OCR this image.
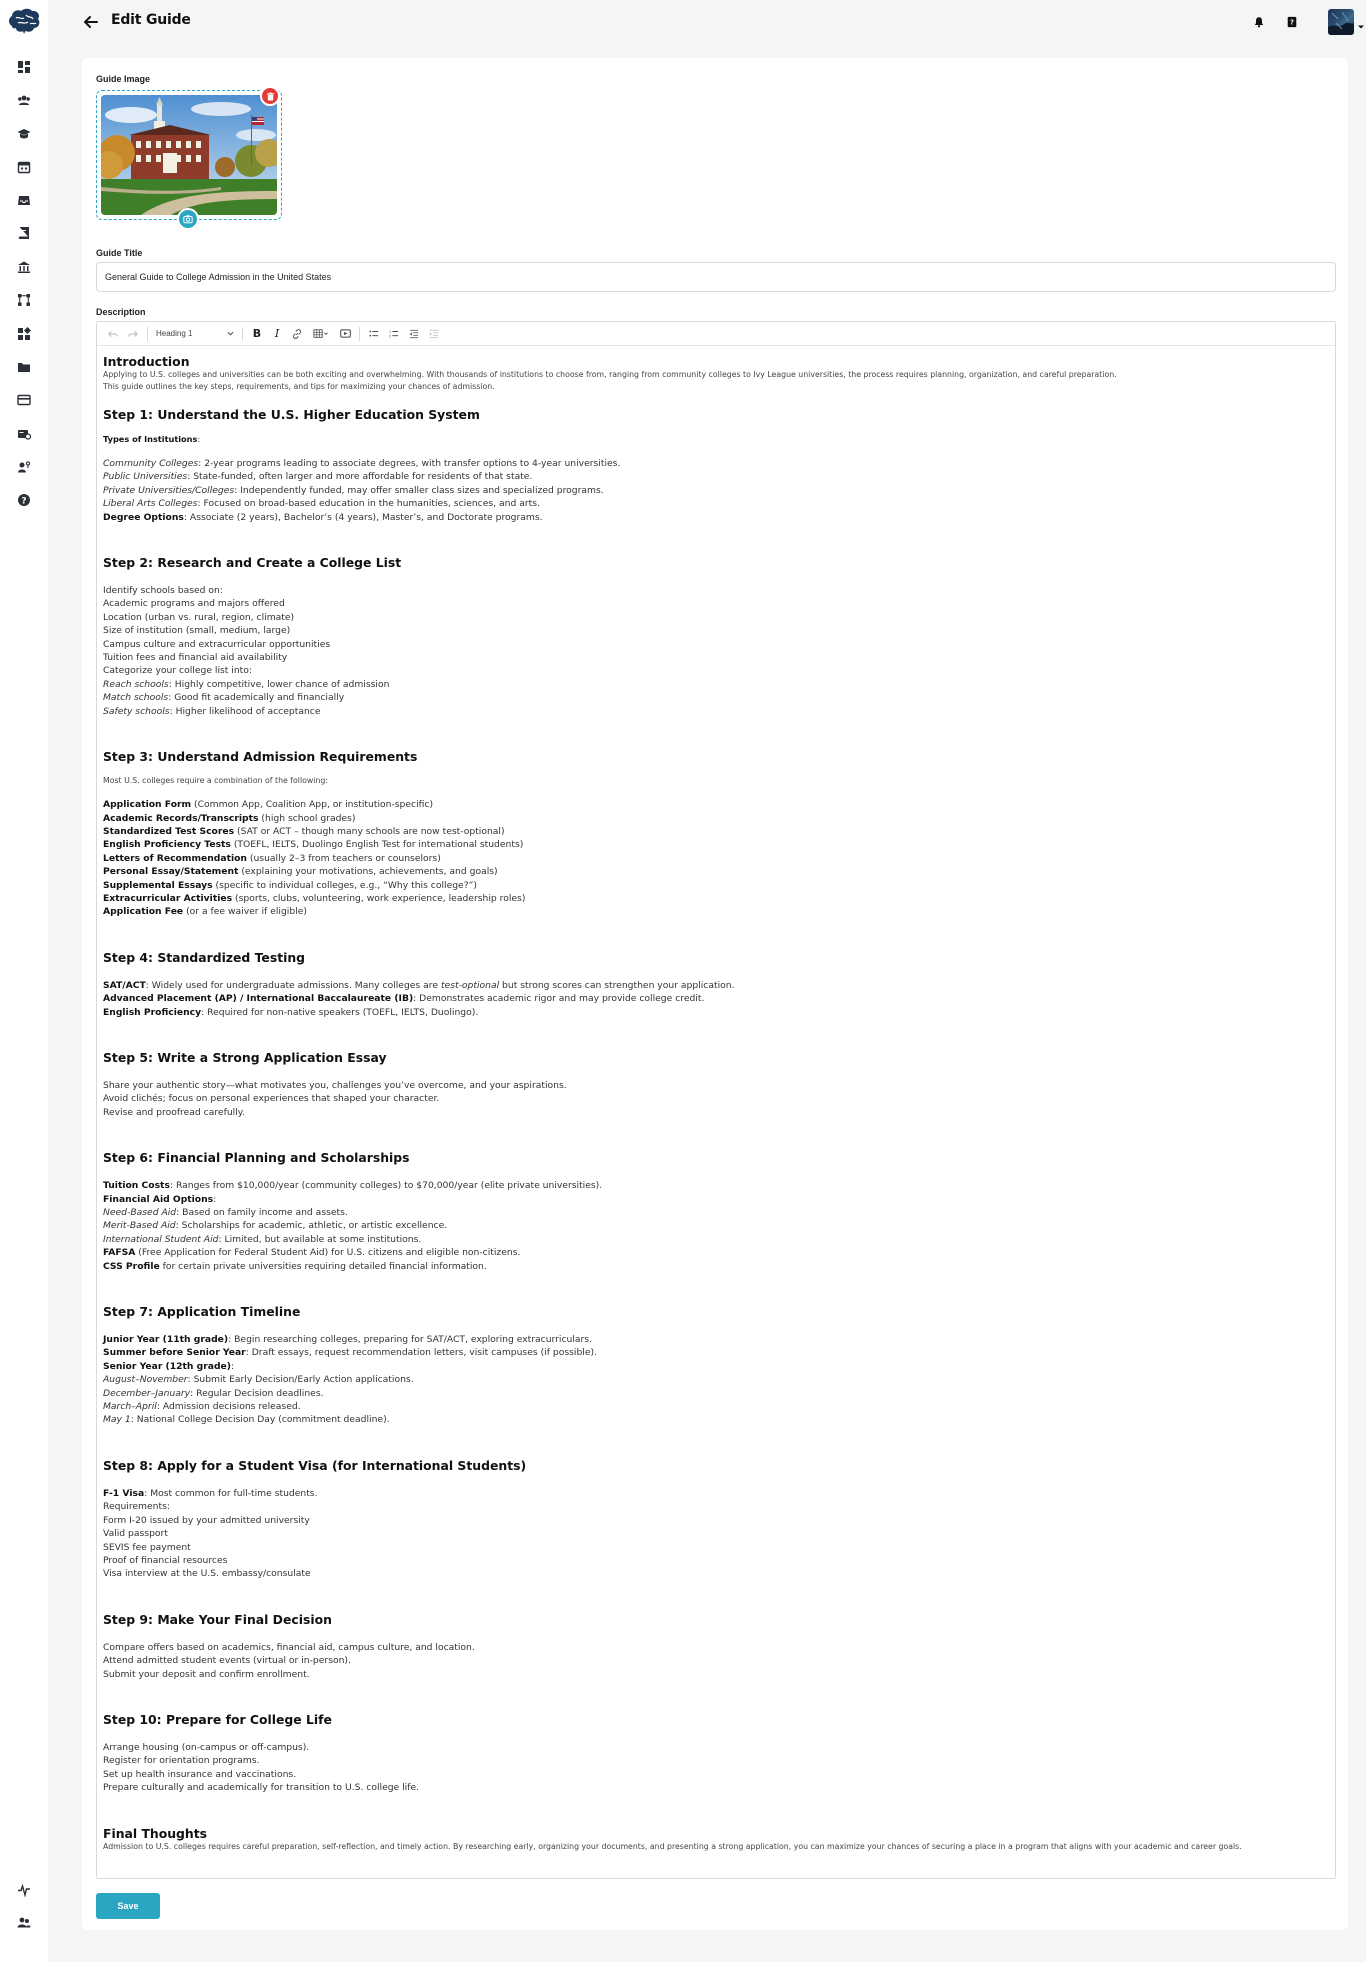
?
Edit Guide	?
Guide Image
Guide Title
General Guide to College Admission in the United States
Description
Heading 1	B I	1
2
Introduction

Applying to U.S. colleges and universities can be both exciting and overwhelming. With thousands of institutions to choose from, ranging from community colleges to Ivy League universities, the process requires planning, organization, and careful preparation.
This guide outlines the key steps, requirements, and tips for maximizing your chances of admission.

Step 1: Understand the U.S. Higher Education System

Types of Institutions:

Community Colleges: 2-year programs leading to associate degrees, with transfer options to 4-year universities.
Public Universities: State-funded, often larger and more affordable for residents of that state.
Private Universities/Colleges: Independently funded, may offer smaller class sizes and specialized programs.
Liberal Arts Colleges: Focused on broad-based education in the humanities, sciences, and arts.
Degree Options: Associate (2 years), Bachelor’s (4 years), Master’s, and Doctorate programs.
Step 2: Research and Create a College List
Identify schools based on:
Academic programs and majors offered
Location (urban vs. rural, region, climate)
Size of institution (small, medium, large)
Campus culture and extracurricular opportunities
Tuition fees and financial aid availability
Categorize your college list into:
Reach schools: Highly competitive, lower chance of admission
Match schools: Good fit academically and financially
Safety schools: Higher likelihood of acceptance
Step 3: Understand Admission Requirements

Most U.S. colleges require a combination of the following:

Application Form (Common App, Coalition App, or institution-specific)
Academic Records/Transcripts (high school grades)
Standardized Test Scores (SAT or ACT – though many schools are now test-optional)
English Proficiency Tests (TOEFL, IELTS, Duolingo English Test for international students)
Letters of Recommendation (usually 2–3 from teachers or counselors)
Personal Essay/Statement (explaining your motivations, achievements, and goals)
Supplemental Essays (specific to individual colleges, e.g., “Why this college?”)
Extracurricular Activities (sports, clubs, volunteering, work experience, leadership roles)
Application Fee (or a fee waiver if eligible)
Step 4: Standardized Testing
SAT/ACT: Widely used for undergraduate admissions. Many colleges are test-optional but strong scores can strengthen your application.
Advanced Placement (AP) / International Baccalaureate (IB): Demonstrates academic rigor and may provide college credit.
English Proficiency: Required for non-native speakers (TOEFL, IELTS, Duolingo).
Step 5: Write a Strong Application Essay
Share your authentic story—what motivates you, challenges you’ve overcome, and your aspirations.
Avoid clichés; focus on personal experiences that shaped your character.
Revise and proofread carefully.
Step 6: Financial Planning and Scholarships
Tuition Costs: Ranges from $10,000/year (community colleges) to $70,000/year (elite private universities).
Financial Aid Options:
Need-Based Aid: Based on family income and assets.
Merit-Based Aid: Scholarships for academic, athletic, or artistic excellence.
International Student Aid: Limited, but available at some institutions.
FAFSA (Free Application for Federal Student Aid) for U.S. citizens and eligible non-citizens.
CSS Profile for certain private universities requiring detailed financial information.
Step 7: Application Timeline
Junior Year (11th grade): Begin researching colleges, preparing for SAT/ACT, exploring extracurriculars.
Summer before Senior Year: Draft essays, request recommendation letters, visit campuses (if possible).
Senior Year (12th grade):
August–November: Submit Early Decision/Early Action applications.
December–January: Regular Decision deadlines.
March–April: Admission decisions released.
May 1: National College Decision Day (commitment deadline).
Step 8: Apply for a Student Visa (for International Students)
F-1 Visa: Most common for full-time students.
Requirements:
Form I-20 issued by your admitted university
Valid passport
SEVIS fee payment
Proof of financial resources
Visa interview at the U.S. embassy/consulate
Step 9: Make Your Final Decision
Compare offers based on academics, financial aid, campus culture, and location.
Attend admitted student events (virtual or in-person).
Submit your deposit and confirm enrollment.
Step 10: Prepare for College Life
Arrange housing (on-campus or off-campus).
Register for orientation programs.
Set up health insurance and vaccinations.
Prepare culturally and academically for transition to U.S. college life.
Final Thoughts

Admission to U.S. colleges requires careful preparation, self-reflection, and timely action. By researching early, organizing your documents, and presenting a strong application, you can maximize your chances of securing a place in a program that aligns with your academic and career goals.

Save
